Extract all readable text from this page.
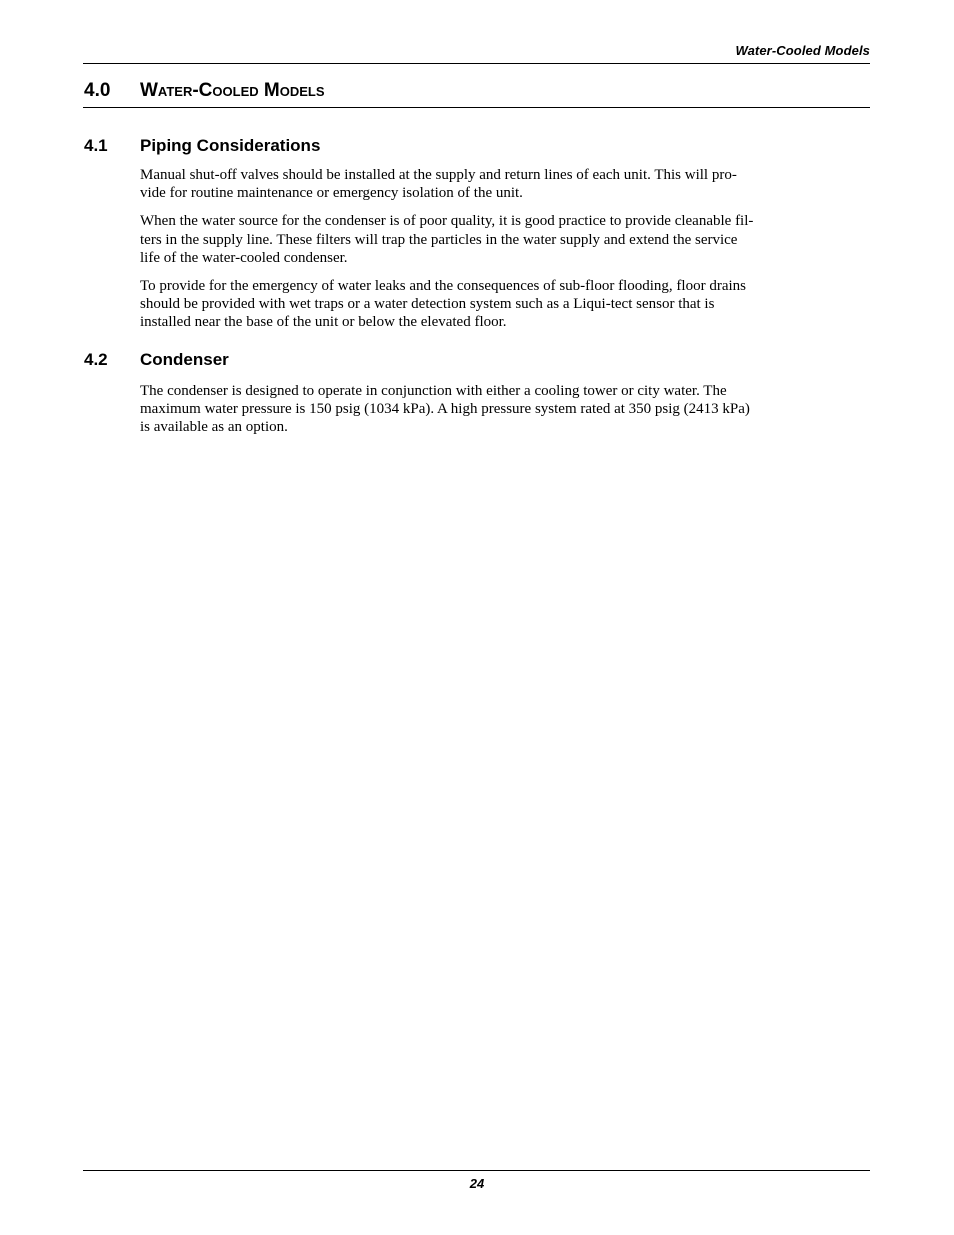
Water-Cooled Models
4.0 Water-Cooled Models
4.1 Piping Considerations

Manual shut-off valves should be installed at the supply and return lines of each unit. This will pro-
vide for routine maintenance or emergency isolation of the unit.

When the water source for the condenser is of poor quality, it is good practice to provide cleanable fil-
ters in the supply line. These filters will trap the particles in the water supply and extend the service
life of the water-cooled condenser.

To provide for the emergency of water leaks and the consequences of sub-floor flooding, floor drains
should be provided with wet traps or a water detection system such as a Liqui-tect sensor that is
installed near the base of the unit or below the elevated floor.

4.2 Condenser

The condenser is designed to operate in conjunction with either a cooling tower or city water. The
maximum water pressure is 150 psig (1034 kPa). A high pressure system rated at 350 psig (2413 kPa)
is available as an option.

24
